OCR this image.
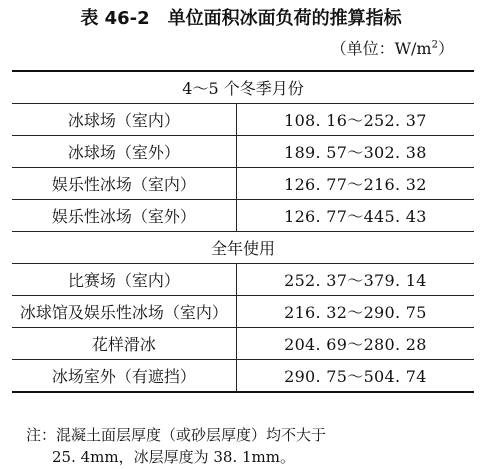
表 46-2　单位面积冰面负荷的推算指标
（单位：$W/m^2$）
4～5 个冬季月份	
冰球场（室内）	108. 16～252. 37
冰球场（室外）	189. 57～302. 38
娱乐性冰场（室内）	126. 77～216. 32
娱乐性冰场（室外）	126. 77～445. 43
全年使用	
比赛场（室内）	252. 37～379. 14
冰球馆及娱乐性冰场（室内）	216. 32～290. 75
花样滑冰	204. 69～280. 28
冰场室外（有遮挡）	290. 75～504. 74
注：混凝土面层厚度（或砂层厚度）均不大于
25. 4mm，冰层厚度为 38. 1mm。
